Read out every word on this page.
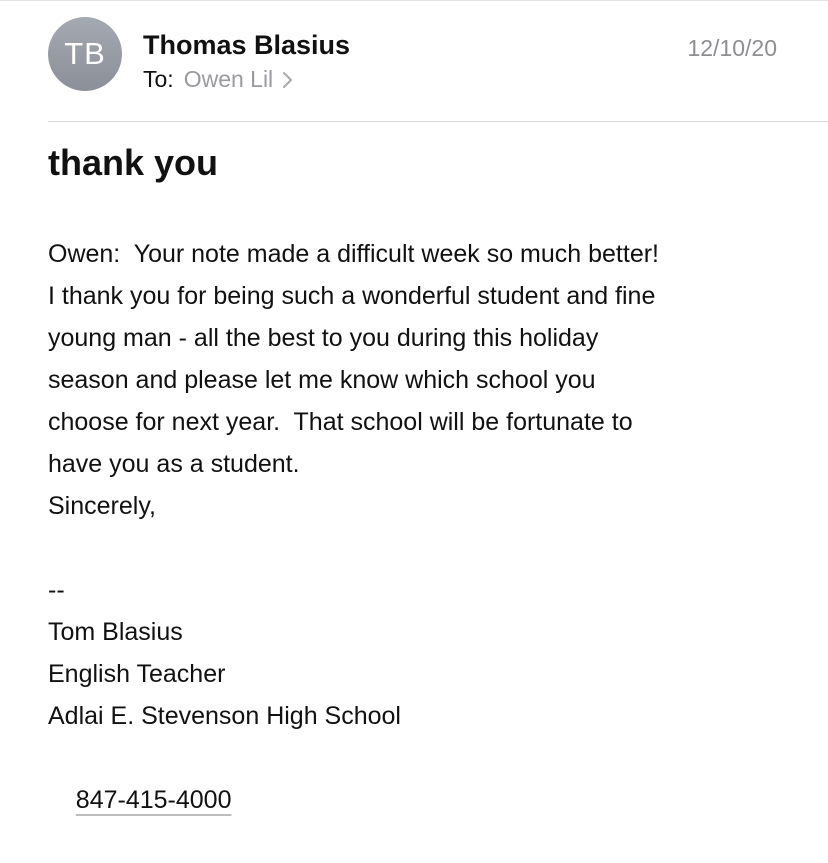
TB	Thomas Blasius
To: Owen Lil
12/10/20
thank you
Owen:  Your note made a difficult week so much better!
I thank you for being such a wonderful student and fine
young man - all the best to you during this holiday
season and please let me know which school you
choose for next year.  That school will be fortunate to
have you as a student.
Sincerely,
--
Tom Blasius
English Teacher
Adlai E. Stevenson High School

847-415-4000
